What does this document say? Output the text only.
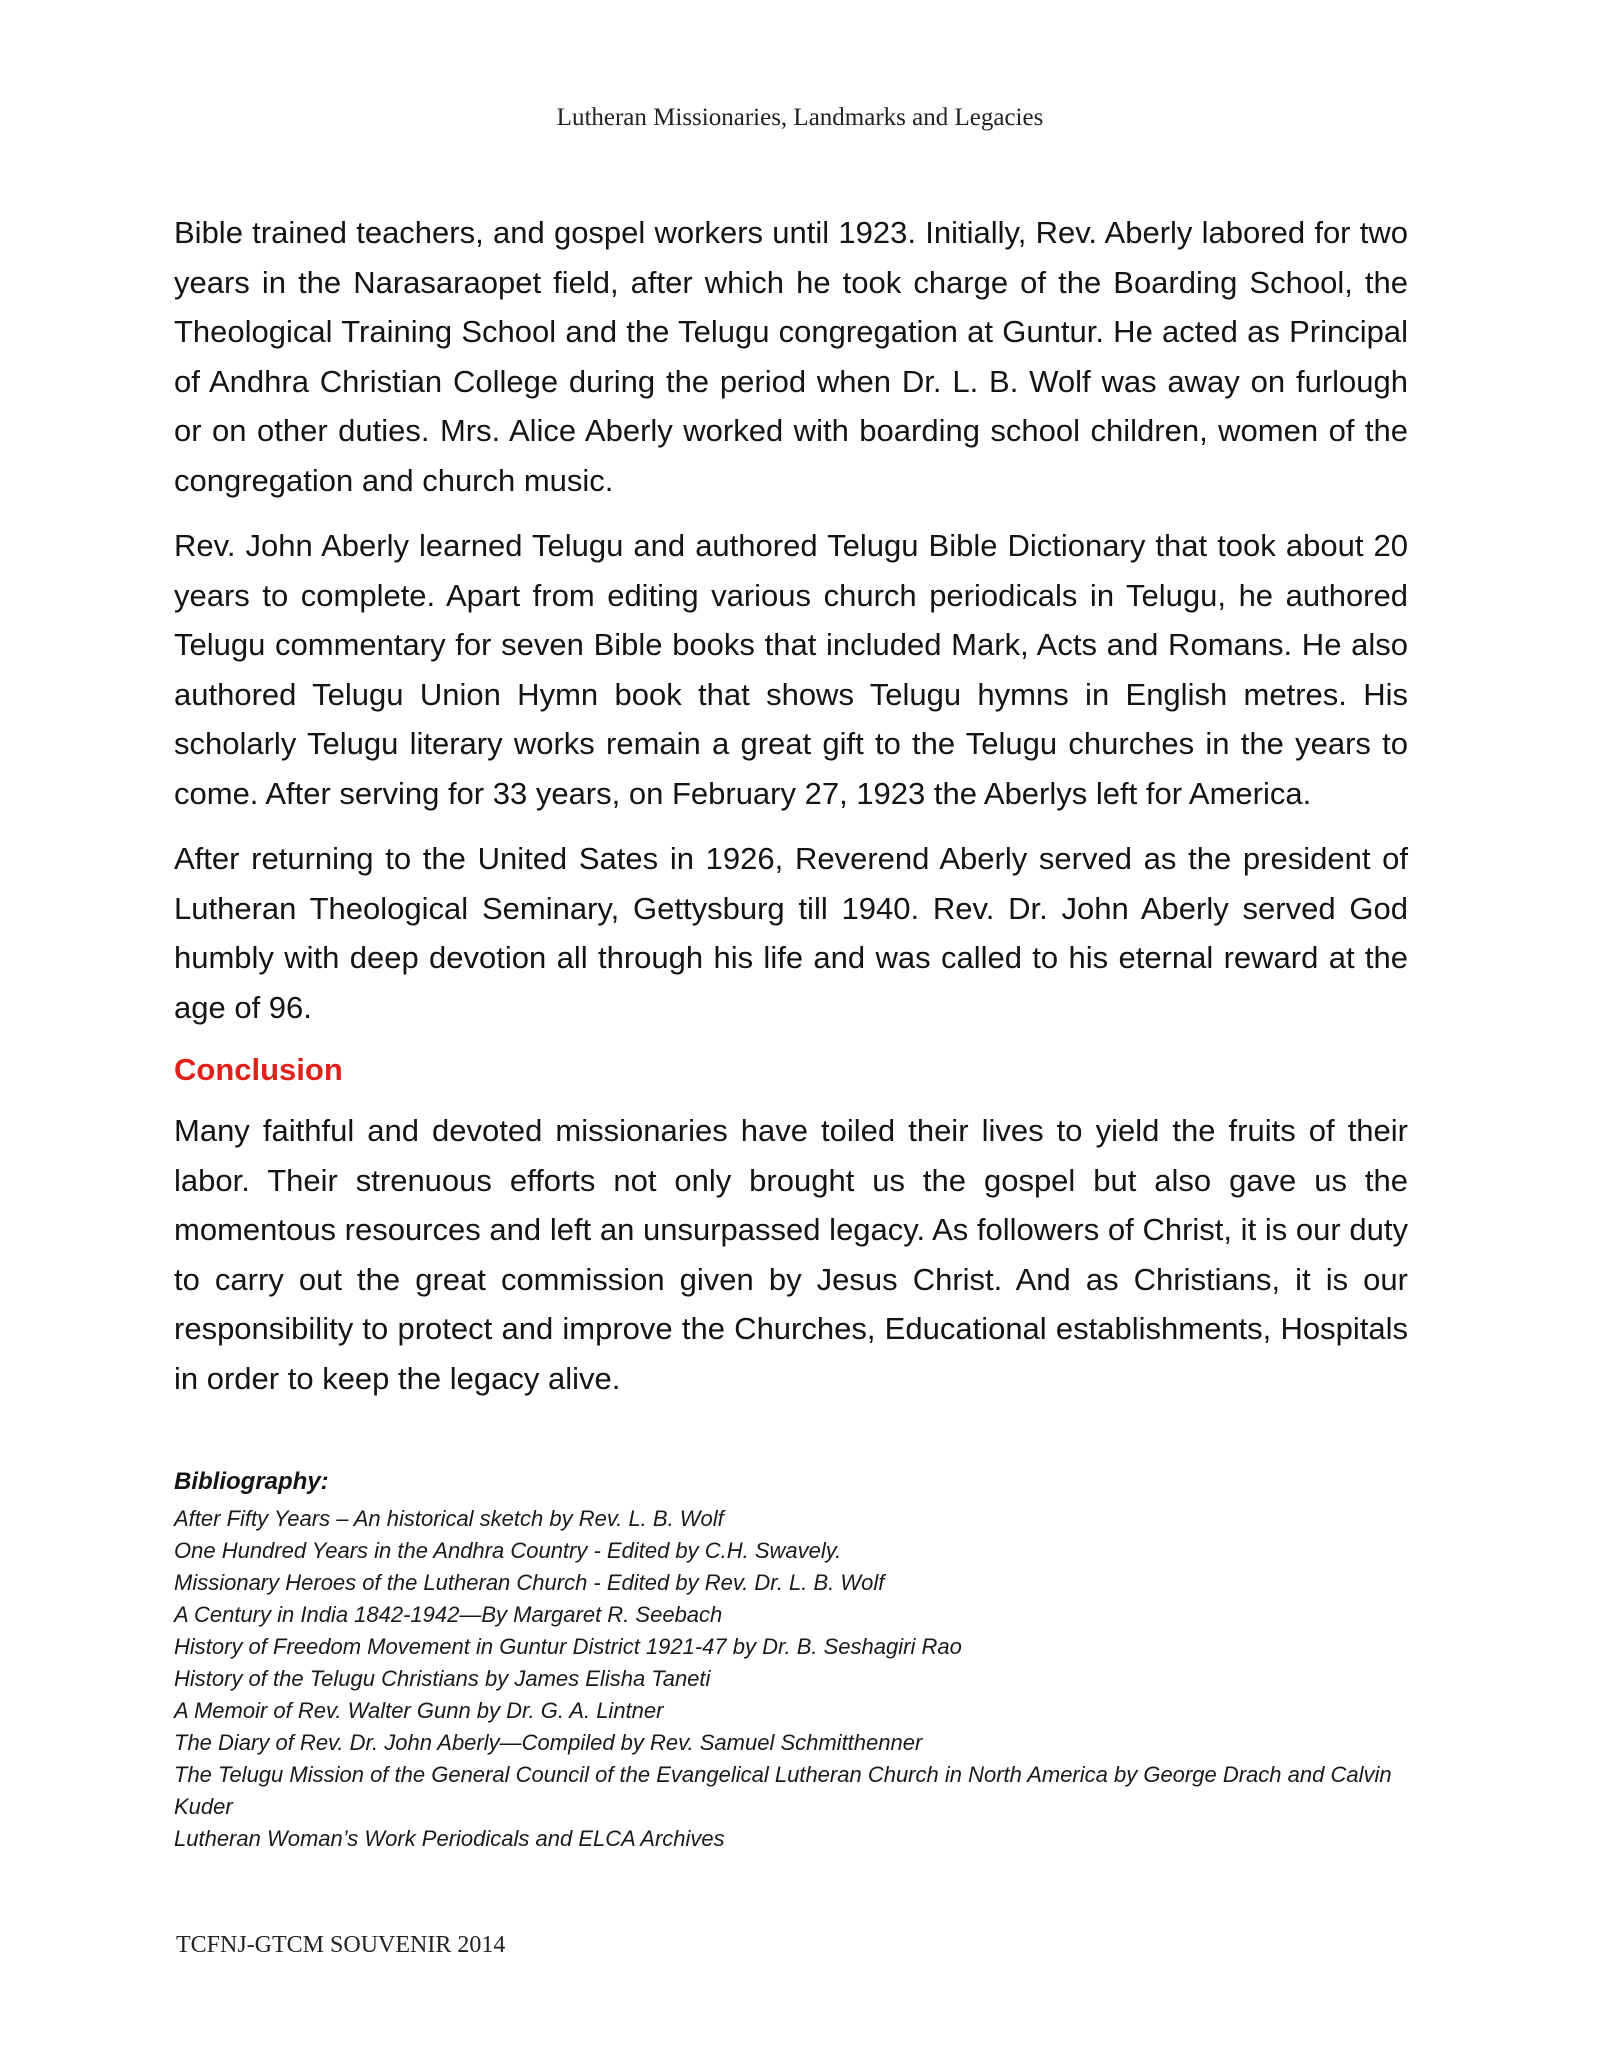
Lutheran Missionaries, Landmarks and Legacies

Bible trained teachers, and gospel workers until 1923. Initially, Rev. Aberly labored for two years in the Narasaraopet field, after which he took charge of the Boarding School, the Theological Training School and the Telugu congregation at Guntur. He acted as Principal of Andhra Christian College during the period when Dr. L. B. Wolf was away on furlough or on other duties. Mrs. Alice Aberly worked with boarding school children, women of the congregation and church music.

Rev. John Aberly learned Telugu and authored Telugu Bible Dictionary that took about 20 years to complete. Apart from editing various church periodicals in Telugu, he authored Telugu commentary for seven Bible books that included Mark, Acts and Romans. He also authored Telugu Union Hymn book that shows Telugu hymns in English metres. His scholarly Telugu literary works remain a great gift to the Telugu churches in the years to come. After serving for 33 years, on February 27, 1923 the Aberlys left for America.

After returning to the United Sates in 1926, Reverend Aberly served as the president of Lutheran Theological Seminary, Gettysburg till 1940. Rev. Dr. John Aberly served God humbly with deep devotion all through his life and was called to his eternal reward at the age of 96.

Conclusion

Many faithful and devoted missionaries have toiled their lives to yield the fruits of their labor. Their strenuous efforts not only brought us the gospel but also gave us the momentous resources and left an unsurpassed legacy. As followers of Christ, it is our duty to carry out the great commission given by Jesus Christ. And as Christians, it is our responsibility to protect and improve the Churches, Educational establishments, Hospitals in order to keep the legacy alive.

Bibliography:
After Fifty Years – An historical sketch by Rev. L. B. Wolf
One Hundred Years in the Andhra Country - Edited by C.H. Swavely.
Missionary Heroes of the Lutheran Church - Edited by Rev. Dr. L. B. Wolf
A Century in India 1842-1942—By Margaret R. Seebach
History of Freedom Movement in Guntur District 1921-47 by Dr. B. Seshagiri Rao
History of the Telugu Christians by James Elisha Taneti
A Memoir of Rev. Walter Gunn by Dr. G. A. Lintner
The Diary of Rev. Dr. John Aberly—Compiled by Rev. Samuel Schmitthenner
The Telugu Mission of the General Council of the Evangelical Lutheran Church in North America by George Drach and Calvin Kuder
Lutheran Woman’s Work Periodicals and ELCA Archives
TCFNJ-GTCM SOUVENIR 2014
